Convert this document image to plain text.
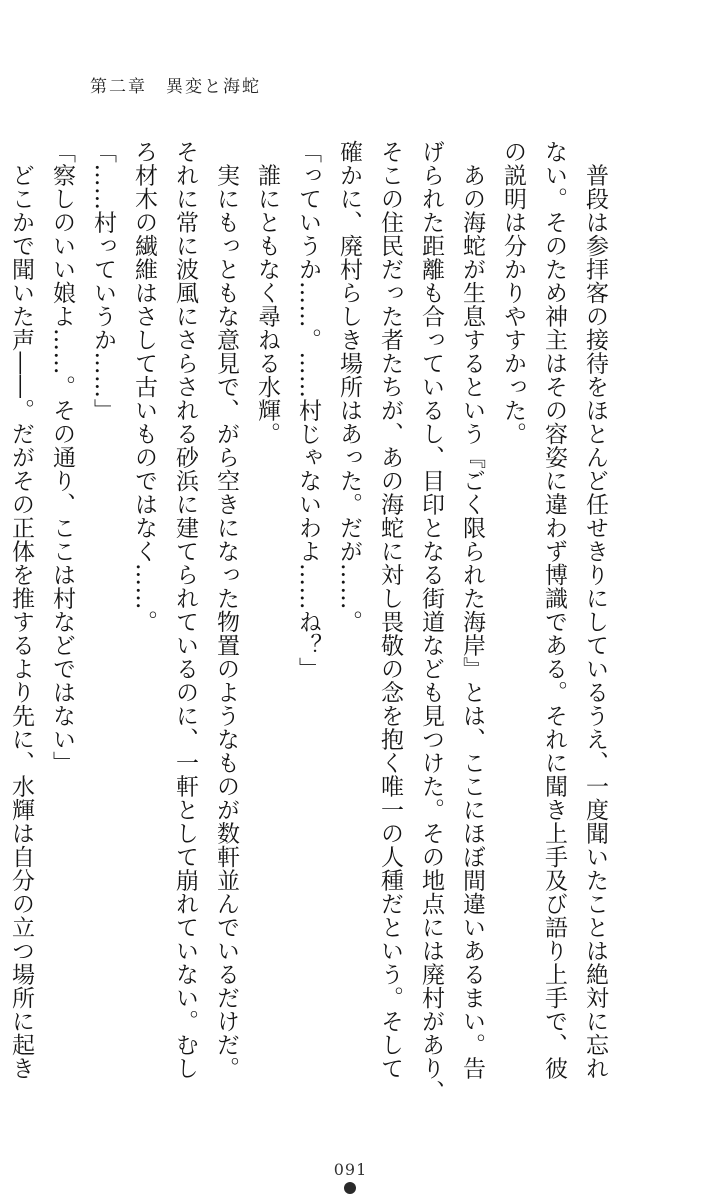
第二章　異変と海蛇
　普段は参拝客の接待をほとんど任せきりにしているうえ、一度聞いたことは絶対に忘れ
ない。そのため神主はその容姿に違わず博識である。それに聞き上手及び語り上手で、彼
の説明は分かりやすかった。
　あの海蛇が生息するという『ごく限られた海岸』とは、ここにほぼ間違いあるまい。告
げられた距離も合っているし、目印となる街道なども見つけた。その地点には廃村があり、
そこの住民だった者たちが、あの海蛇に対し畏敬の念を抱く唯一の人種だという。そして
確かに、廃村らしき場所はあった。だが……。
「っていうか……。……村じゃないわよ……ね？」
　誰にともなく尋ねる水輝。
　実にもっともな意見で、がら空きになった物置のようなものが数軒並んでいるだけだ。
それに常に波風にさらされる砂浜に建てられているのに、一軒として崩れていない。むし
ろ材木の繊維はさして古いものではなく……。
「……村っていうか……」
「察しのいい娘よ……。その通り、ここは村などではない」
　どこかで聞いた声――。だがその正体を推するより先に、水輝は自分の立つ場所に起き
091
